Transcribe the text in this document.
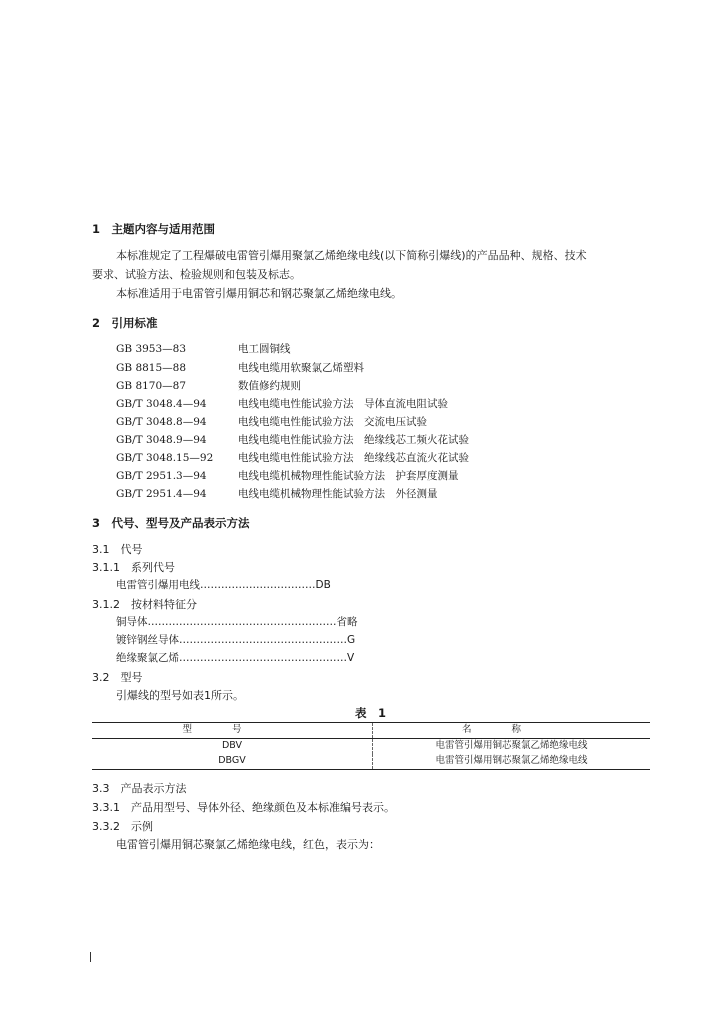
1　主题内容与适用范围
本标准规定了工程爆破电雷管引爆用聚氯乙烯绝缘电线(以下简称引爆线)的产品品种、规格、技术
要求、试验方法、检验规则和包装及标志。
本标准适用于电雷管引爆用铜芯和钢芯聚氯乙烯绝缘电线。
2　引用标准
GB 3953—83	电工圆铜线
GB 8815—88	电线电缆用软聚氯乙烯塑料
GB 8170—87	数值修约规则
GB/T 3048.4—94	电线电缆电性能试验方法　导体直流电阻试验
GB/T 3048.8—94	电线电缆电性能试验方法　交流电压试验
GB/T 3048.9—94	电线电缆电性能试验方法　绝缘线芯工频火花试验
GB/T 3048.15—92	电线电缆电性能试验方法　绝缘线芯直流火花试验
GB/T 2951.3—94	电线电缆机械物理性能试验方法　护套厚度测量
GB/T 2951.4—94	电线电缆机械物理性能试验方法　外径测量
3　代号、型号及产品表示方法
3.1　代号
3.1.1　系列代号
电雷管引爆用电线……………………………DB
3.1.2　按材料特征分
铜导体………………………………………………省略
镀锌钢丝导体…………………………………………G
绝缘聚氯乙烯…………………………………………V
3.2　型号
引爆线的型号如表1所示。
表　1
型号	名称
DBV	电雷管引爆用铜芯聚氯乙烯绝缘电线
DBGV	电雷管引爆用钢芯聚氯乙烯绝缘电线
3.3　产品表示方法
3.3.1　产品用型号、导体外径、绝缘颜色及本标准编号表示。
3.3.2　示例
电雷管引爆用铜芯聚氯乙烯绝缘电线，红色，表示为：
